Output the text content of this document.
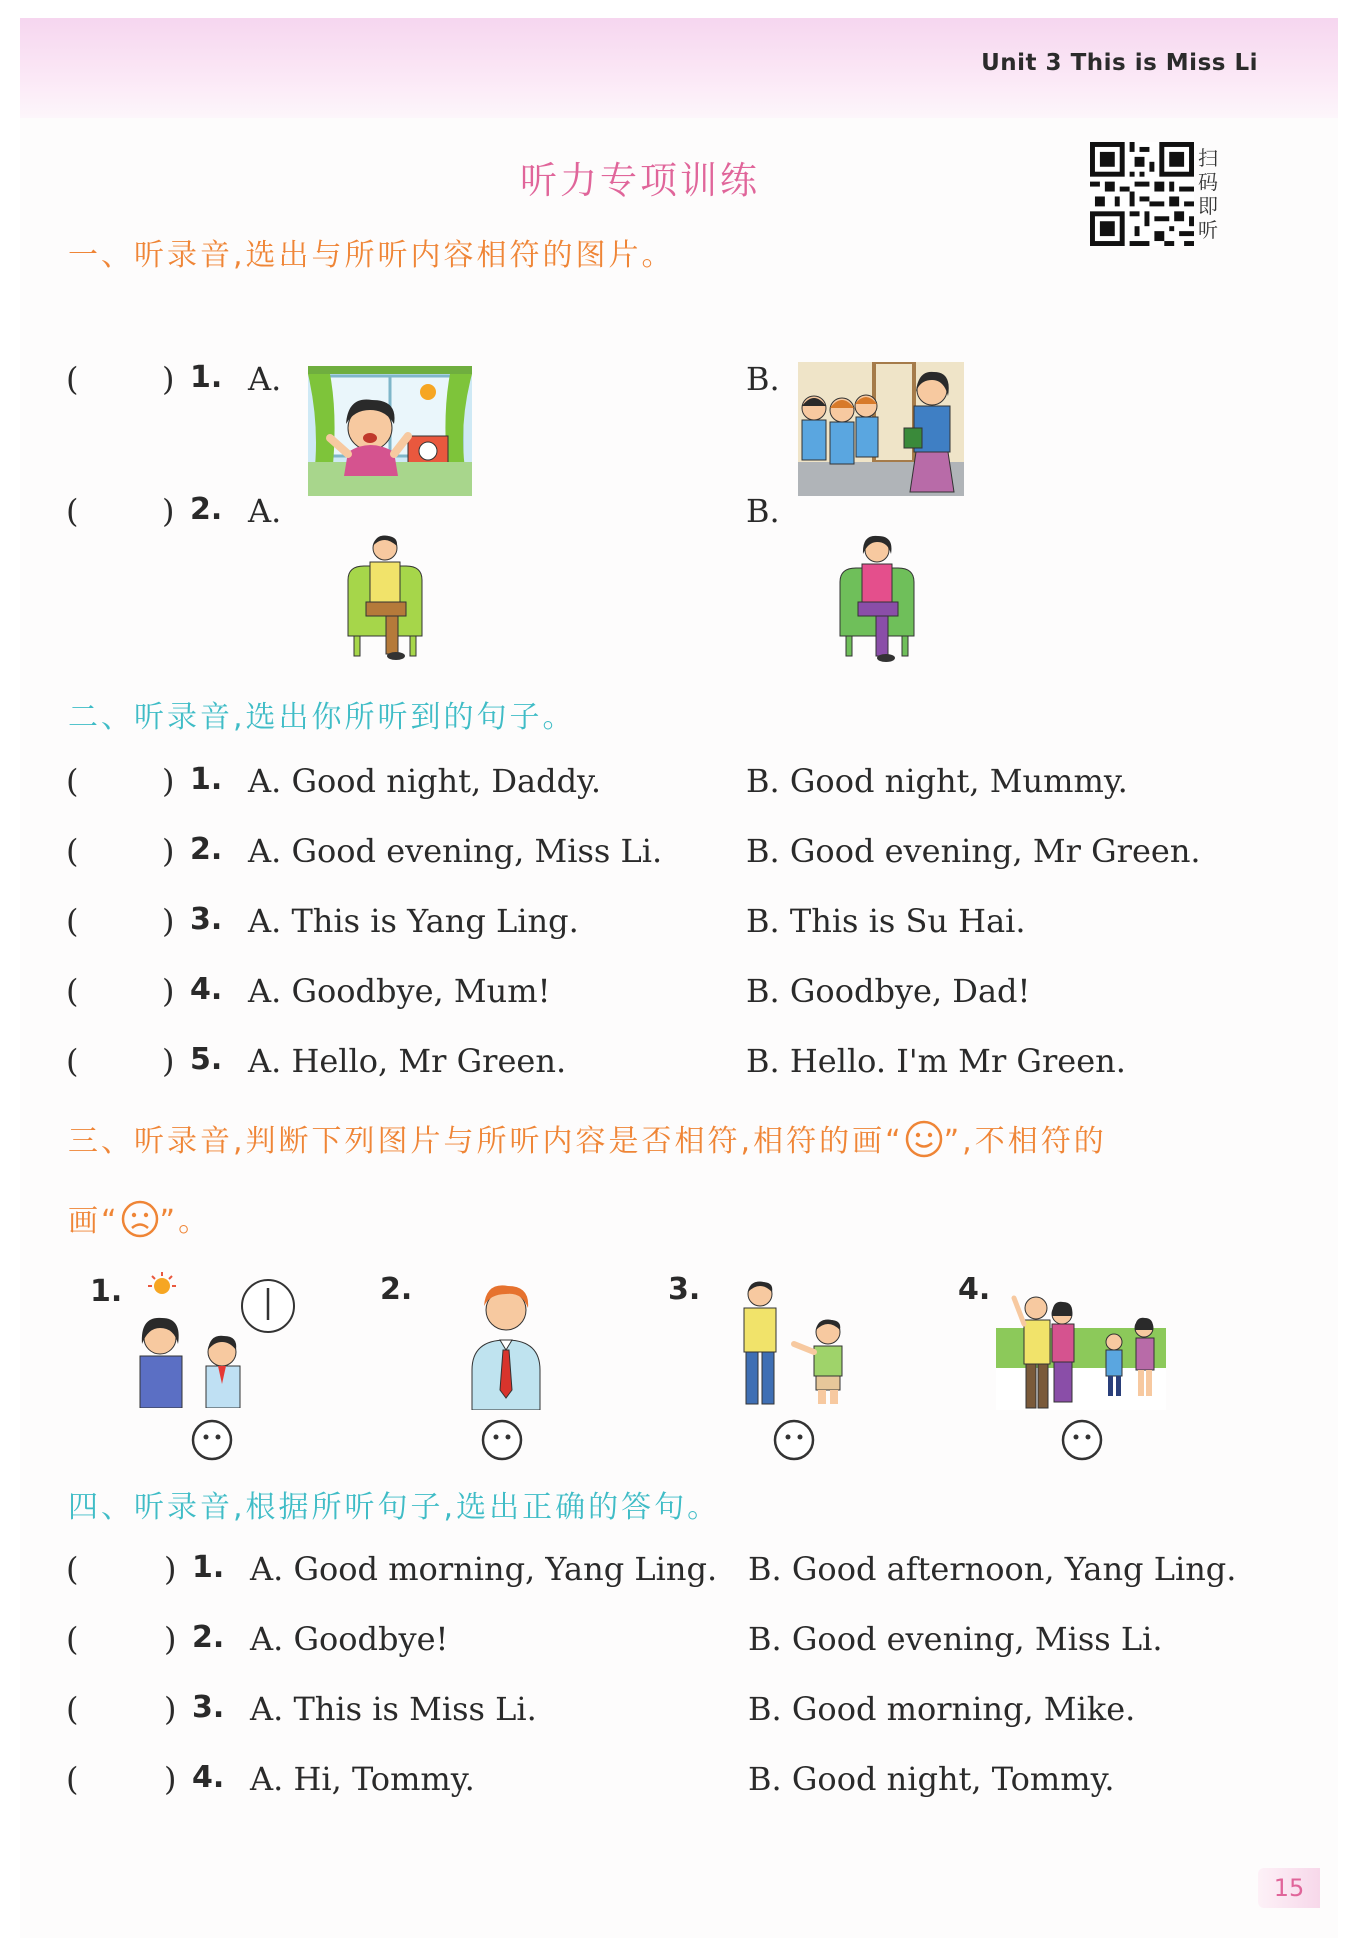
Unit 3 This is Miss Li
听力专项训练
扫码即听
一、听录音,选出与所听内容相符的图片。
(	) 1. A.	B.
(	) 2. A.	B.
二、听录音,选出你所听到的句子。
(	) 1. A. Good night, Daddy.	B. Good night, Mummy.
(	) 2. A. Good evening, Miss Li.	B. Good evening, Mr Green.
(	) 3. A. This is Yang Ling.	B. This is Su Hai.
(	) 4. A. Goodbye, Mum!	B. Goodbye, Dad!
(	) 5. A. Hello, Mr Green.	B. Hello. I'm Mr Green.
三、听录音,判断下列图片与所听内容是否相符,相符的画“ ”,不相符的
画“ ”。
1.	2.	3.	4.
四、听录音,根据所听句子,选出正确的答句。
(	) 1. A. Good morning, Yang Ling. B. Good afternoon, Yang Ling.
(	) 2. A. Goodbye!	B. Good evening, Miss Li.
(	) 3. A. This is Miss Li.	B. Good morning, Mike.
(	) 4. A. Hi, Tommy.	B. Good night, Tommy.
15
